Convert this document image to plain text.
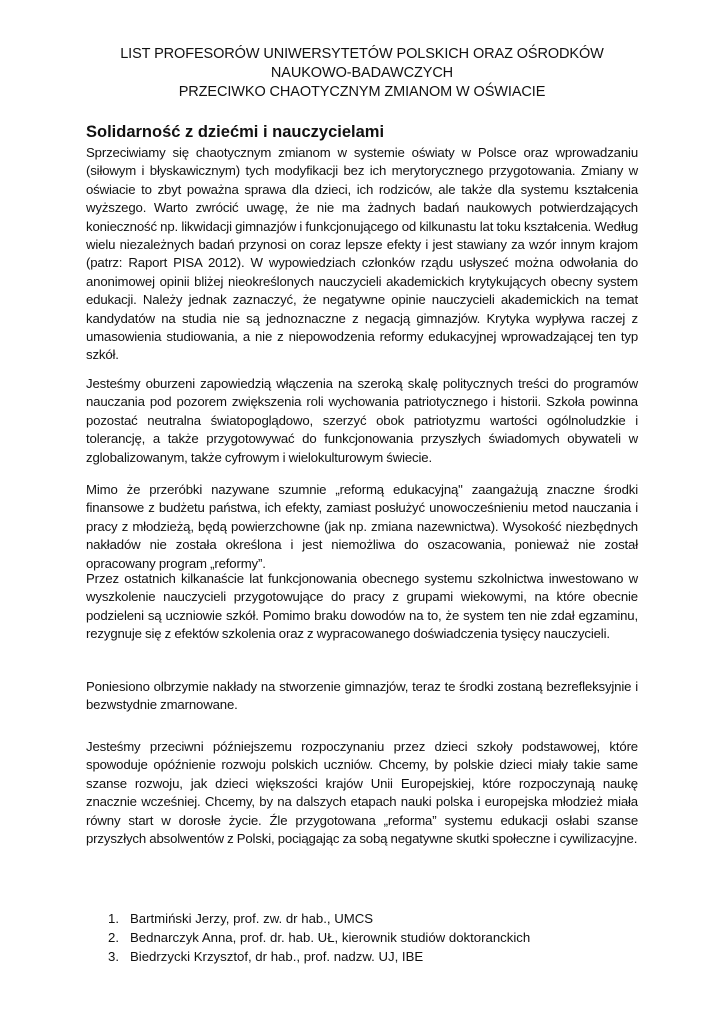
LIST PROFESORÓW UNIWERSYTETÓW POLSKICH ORAZ OŚRODKÓW
NAUKOWO-BADAWCZYCH
PRZECIWKO CHAOTYCZNYM ZMIANOM W OŚWIACIE
Solidarność z dziećmi i nauczycielami

Sprzeciwiamy się chaotycznym zmianom w systemie oświaty w Polsce oraz wprowadzaniu (siłowym i błyskawicznym) tych modyfikacji bez ich merytorycznego przygotowania. Zmiany w oświacie to zbyt poważna sprawa dla dzieci, ich rodziców, ale także dla systemu kształcenia wyższego. Warto zwrócić uwagę, że nie ma żadnych badań naukowych potwierdzających konieczność np. likwidacji gimnazjów i funkcjonującego od kilkunastu lat toku kształcenia. Według wielu niezależnych badań przynosi on coraz lepsze efekty i jest stawiany za wzór innym krajom (patrz: Raport PISA 2012). W wypowiedziach członków rządu usłyszeć można odwołania do anonimowej opinii bliżej nieokreślonych nauczycieli akademickich krytykujących obecny system edukacji. Należy jednak zaznaczyć, że negatywne opinie nauczycieli akademickich na temat kandydatów na studia nie są jednoznaczne z negacją gimnazjów. Krytyka wypływa raczej z umasowienia studiowania, a nie z niepowodzenia reformy edukacyjnej wprowadzającej ten typ szkół.

Jesteśmy oburzeni zapowiedzią włączenia na szeroką skalę politycznych treści do programów nauczania pod pozorem zwiększenia roli wychowania patriotycznego i historii. Szkoła powinna pozostać neutralna światopoglądowo, szerzyć obok patriotyzmu wartości ogólnoludzkie i tolerancję, a także przygotowywać do funkcjonowania przyszłych świadomych obywateli w zglobalizowanym, także cyfrowym i wielokulturowym świecie.

Mimo że przeróbki nazywane szumnie „reformą edukacyjną" zaangażują znaczne środki finansowe z budżetu państwa, ich efekty, zamiast posłużyć unowocześnieniu metod nauczania i pracy z młodzieżą, będą powierzchowne (jak np. zmiana nazewnictwa). Wysokość niezbędnych nakładów nie została określona i jest niemożliwa do oszacowania, ponieważ nie został opracowany program „reformy”.

Przez ostatnich kilkanaście lat funkcjonowania obecnego systemu szkolnictwa inwestowano w wyszkolenie nauczycieli przygotowujące do pracy z grupami wiekowymi, na które obecnie podzieleni są uczniowie szkół. Pomimo braku dowodów na to, że system ten nie zdał egzaminu, rezygnuje się z efektów szkolenia oraz z wypracowanego doświadczenia tysięcy nauczycieli.

Poniesiono olbrzymie nakłady na stworzenie gimnazjów, teraz te środki zostaną bezrefleksyjnie i bezwstydnie zmarnowane.

Jesteśmy przeciwni późniejszemu rozpoczynaniu przez dzieci szkoły podstawowej, które spowoduje opóźnienie rozwoju polskich uczniów. Chcemy, by polskie dzieci miały takie same szanse rozwoju, jak dzieci większości krajów Unii Europejskiej, które rozpoczynają naukę znacznie wcześniej. Chcemy, by na dalszych etapach nauki polska i europejska młodzież miała równy start w dorosłe życie. Źle przygotowana „reforma” systemu edukacji osłabi szanse przyszłych absolwentów z Polski, pociągając za sobą negatywne skutki społeczne i cywilizacyjne.

1. Bartmiński Jerzy, prof. zw. dr hab., UMCS
2. Bednarczyk Anna, prof. dr. hab. UŁ, kierownik studiów doktoranckich
3. Biedrzycki Krzysztof, dr hab., prof. nadzw. UJ, IBE
